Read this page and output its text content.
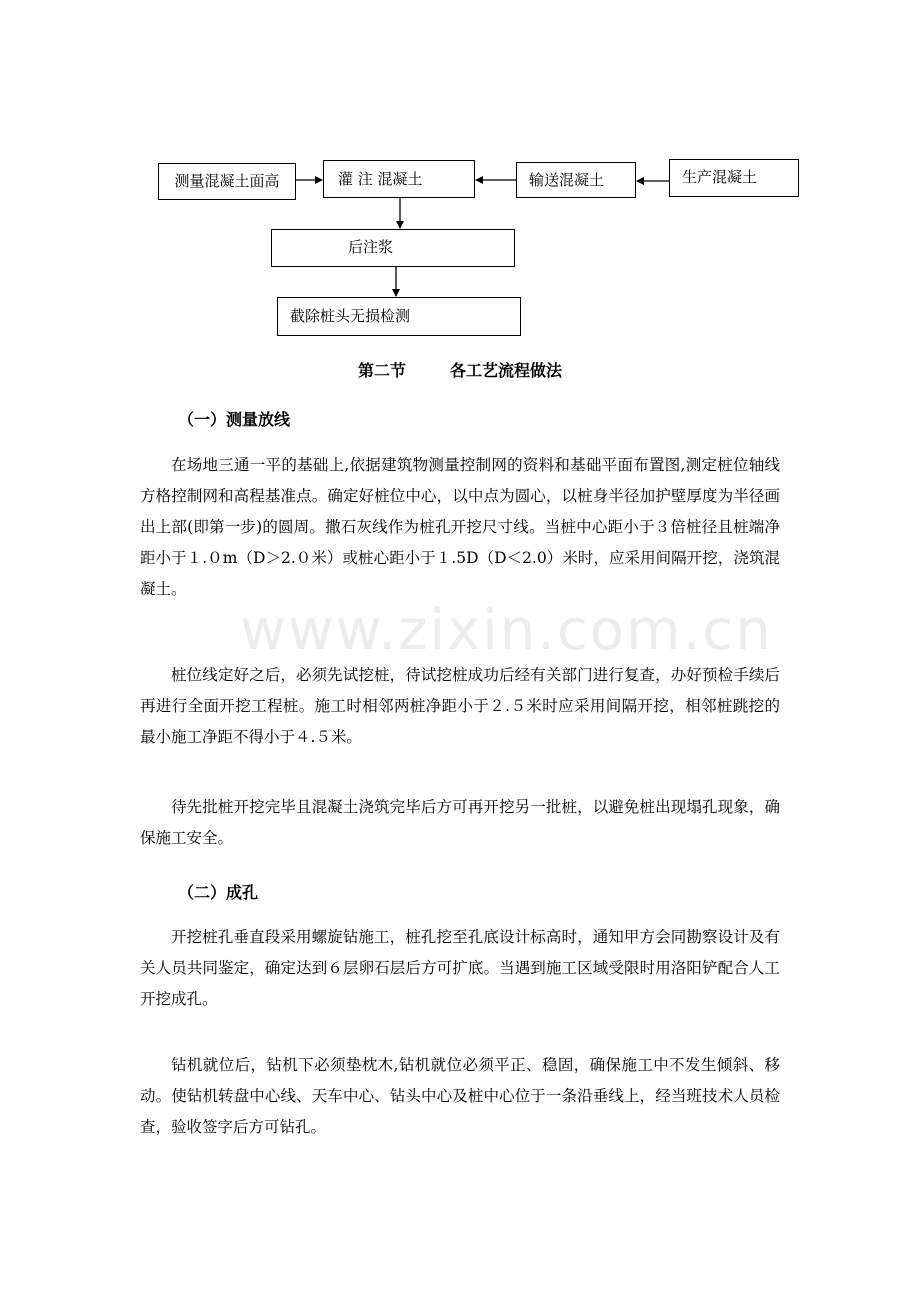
测量混凝土面高	灌 注 混凝土	输送混凝土	生产混凝土
后注浆
截除桩头无损检测
第二节	各工艺流程做法
（一）测量放线
在场地三通一平的基础上,依据建筑物测量控制网的资料和基础平面布置图,测定桩位轴线方格控制网和高程基准点。确定好桩位中心，以中点为圆心，以桩身半径加护壁厚度为半径画出上部(即第一步)的圆周。撒石灰线作为桩孔开挖尺寸线。当桩中心距小于３倍桩径且桩端净距小于１.０m（D＞2.０米）或桩心距小于１.5D（D＜2.0）米时，应采用间隔开挖，浇筑混凝土。
桩位线定好之后，必须先试挖桩，待试挖桩成功后经有关部门进行复查，办好预检手续后再进行全面开挖工程桩。施工时相邻两桩净距小于２.５米时应采用间隔开挖，相邻桩跳挖的最小施工净距不得小于４.５米。
待先批桩开挖完毕且混凝土浇筑完毕后方可再开挖另一批桩，以避免桩出现塌孔现象，确保施工安全。
（二）成孔
开挖桩孔垂直段采用螺旋钻施工，桩孔挖至孔底设计标高时，通知甲方会同勘察设计及有关人员共同鉴定，确定达到６层卵石层后方可扩底。当遇到施工区域受限时用洛阳铲配合人工开挖成孔。
钻机就位后，钻机下必须垫枕木,钻机就位必须平正、稳固，确保施工中不发生倾斜、移动。使钻机转盘中心线、天车中心、钻头中心及桩中心位于一条沿垂线上，经当班技术人员检查，验收签字后方可钻孔。
www.zixin.com.cn
